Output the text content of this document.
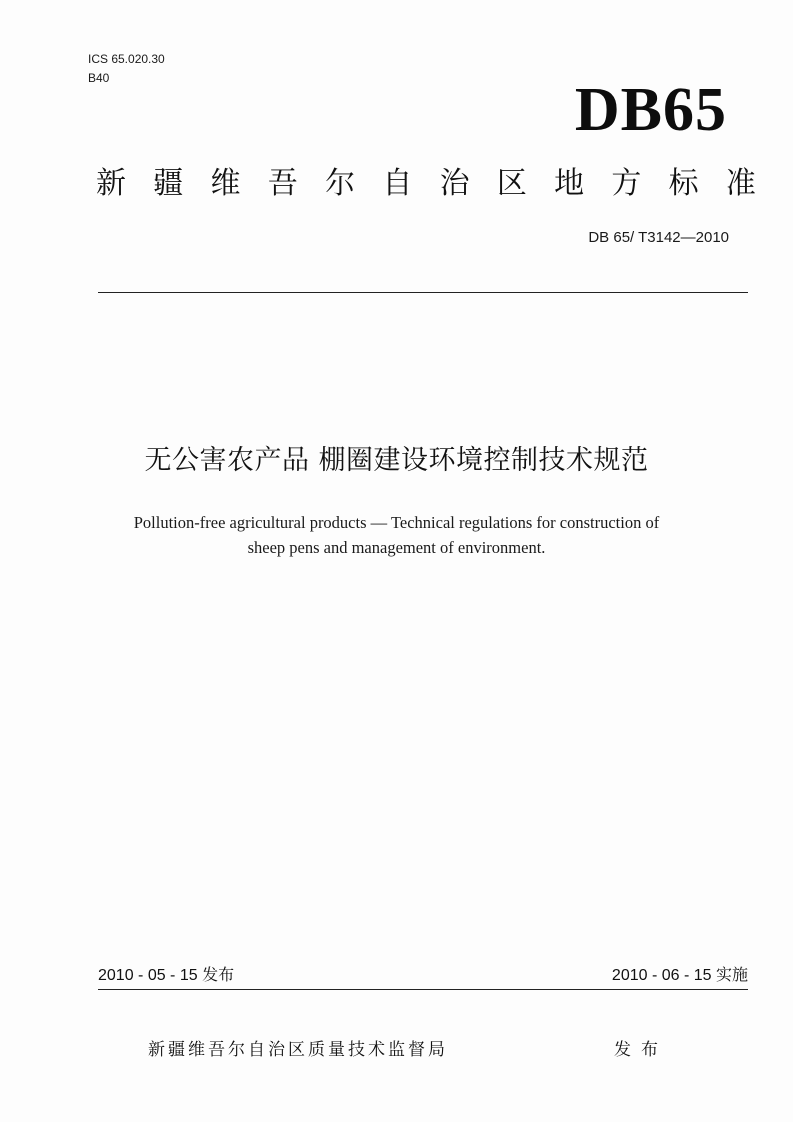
ICS 65.020.30
B40	DB65
新 疆 维 吾 尔 自 治 区 地 方 标 准
DB 65/ T3142—2010
无公害农产品 棚圈建设环境控制技术规范
Pollution-free agricultural products — Technical regulations for construction of
sheep pens and management of environment.
2010 - 05 - 15 发布	2010 - 06 - 15 实施
新疆维吾尔自治区质量技术监督局	发布
